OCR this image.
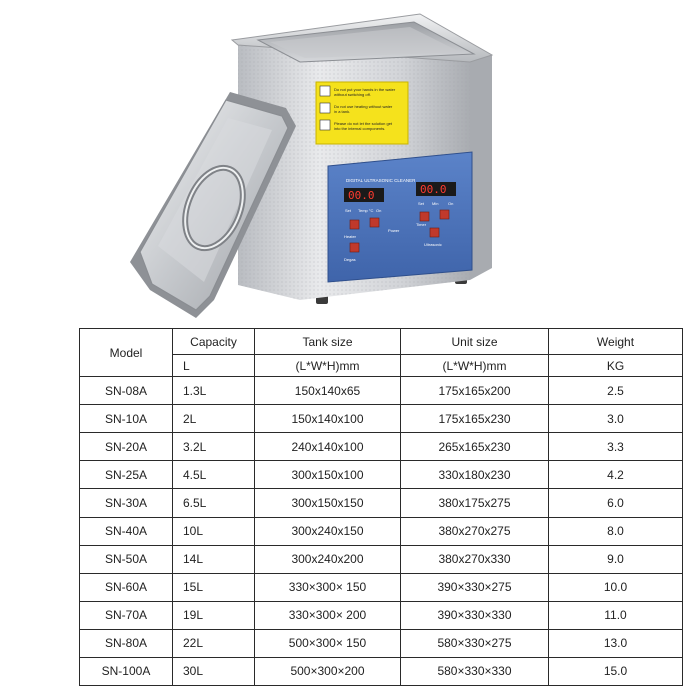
Do not put your hands in the water
without switching off.
Do not use heating without water
in a tank.
Please do not let the solution get
into the internal components.
DIGITAL ULTRASONIC CLEANER
00.0	00.0
Set Temp °C On
Set Min On
Heater
Power
Timer
Ultrasonic
Degas
Model	Capacity	Tank size	Unit size	Weight
	L	(L*W*H)mm	(L*W*H)mm	KG
SN-08A	1.3L	150x140x65	175x165x200	2.5
SN-10A	2L	150x140x100	175x165x230	3.0
SN-20A	3.2L	240x140x100	265x165x230	3.3
SN-25A	4.5L	300x150x100	330x180x230	4.2
SN-30A	6.5L	300x150x150	380x175x275	6.0
SN-40A	10L	300x240x150	380x270x275	8.0
SN-50A	14L	300x240x200	380x270x330	9.0
SN-60A	15L	330×300× 150	390×330×275	10.0
SN-70A	19L	330×300× 200	390×330×330	11.0
SN-80A	22L	500×300× 150	580×330×275	13.0
SN-100A	30L	500×300×200	580×330×330	15.0
